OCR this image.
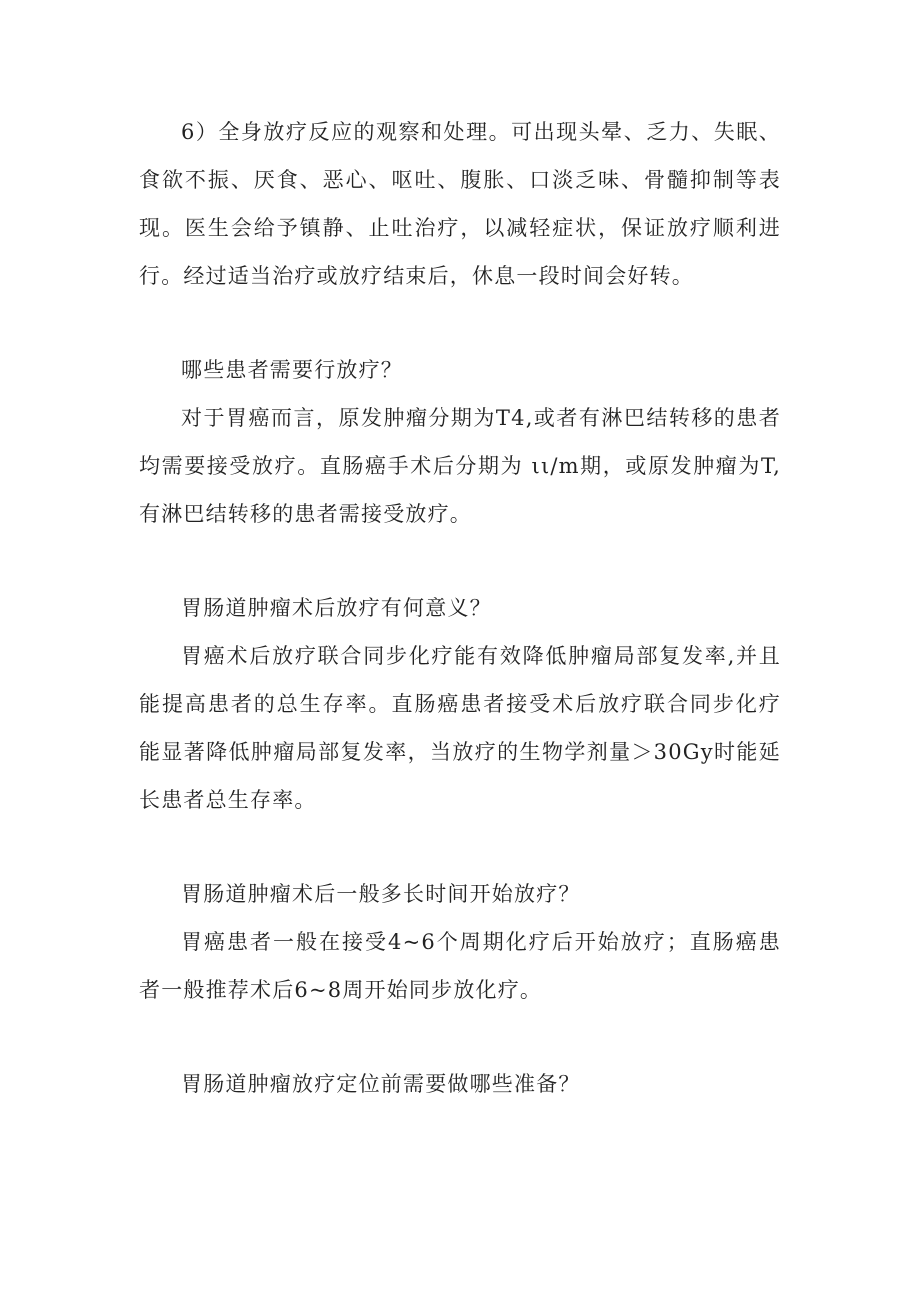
6）全身放疗反应的观察和处理。可出现头晕、乏力、失眠、食欲不振、厌食、恶心、呕吐、腹胀、口淡乏味、骨髓抑制等表现。医生会给予镇静、止吐治疗，以减轻症状，保证放疗顺利进行。经过适当治疗或放疗结束后，休息一段时间会好转。

哪些患者需要行放疗？

对于胃癌而言，原发肿瘤分期为T4,或者有淋巴结转移的患者均需要接受放疗。直肠癌手术后分期为 ιι/m期，或原发肿瘤为T,有淋巴结转移的患者需接受放疗。

胃肠道肿瘤术后放疗有何意义？

胃癌术后放疗联合同步化疗能有效降低肿瘤局部复发率,并且能提高患者的总生存率。直肠癌患者接受术后放疗联合同步化疗能显著降低肿瘤局部复发率，当放疗的生物学剂量＞30Gy时能延长患者总生存率。

胃肠道肿瘤术后一般多长时间开始放疗？

胃癌患者一般在接受4~6个周期化疗后开始放疗；直肠癌患者一般推荐术后6~8周开始同步放化疗。

胃肠道肿瘤放疗定位前需要做哪些准备？
